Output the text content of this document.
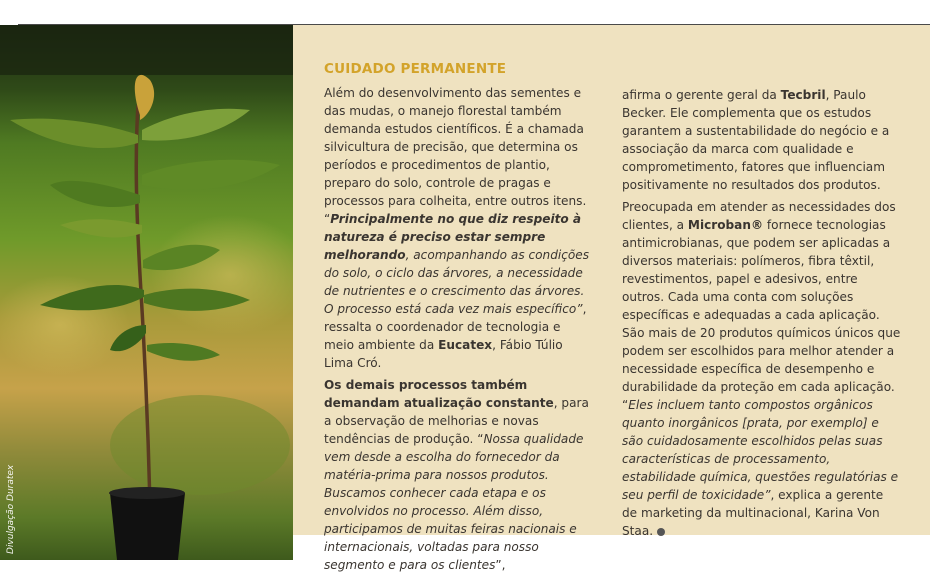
Divulgação Duratex
CUIDADO PERMANENTE

Além do desenvolvimento das sementes e das mudas, o manejo florestal também demanda estudos científicos. É a chamada silvicultura de precisão, que determina os períodos e procedimentos de plantio, preparo do solo, controle de pragas e processos para colheita, entre outros itens. “Principalmente no que diz respeito à natureza é preciso estar sempre melhorando, acompanhando as condições do solo, o ciclo das árvores, a necessidade de nutrientes e o crescimento das árvores. O processo está cada vez mais específico”, ressalta o coordenador de tecnologia e meio ambiente da Eucatex, Fábio Túlio Lima Cró.

Os demais processos também demandam atualização constante, para a observação de melhorias e novas tendências de produção. “Nossa qualidade vem desde a escolha do fornecedor da matéria-prima para nossos produtos. Buscamos conhecer cada etapa e os envolvidos no processo. Além disso, participamos de muitas feiras nacionais e internacionais, voltadas para nosso segmento e para os clientes”,

afirma o gerente geral da Tecbril, Paulo Becker. Ele complementa que os estudos garantem a sustentabilidade do negócio e a associação da marca com qualidade e comprometimento, fatores que influenciam positivamente no resultados dos produtos.

Preocupada em atender as necessidades dos clientes, a Microban® fornece tecnologias antimicrobianas, que podem ser aplicadas a diversos materiais: polímeros, fibra têxtil, revestimentos, papel e adesivos, entre outros. Cada uma conta com soluções específicas e adequadas a cada aplicação. São mais de 20 produtos químicos únicos que podem ser escolhidos para melhor atender a necessidade específica de desempenho e durabilidade da proteção em cada aplicação. “Eles incluem tanto compostos orgânicos quanto inorgânicos [prata, por exemplo] e são cuidadosamente escolhidos pelas suas características de processamento, estabilidade química, questões regulatórias e seu perfil de toxicidade”, explica a gerente de marketing da multinacional, Karina Von Staa.
